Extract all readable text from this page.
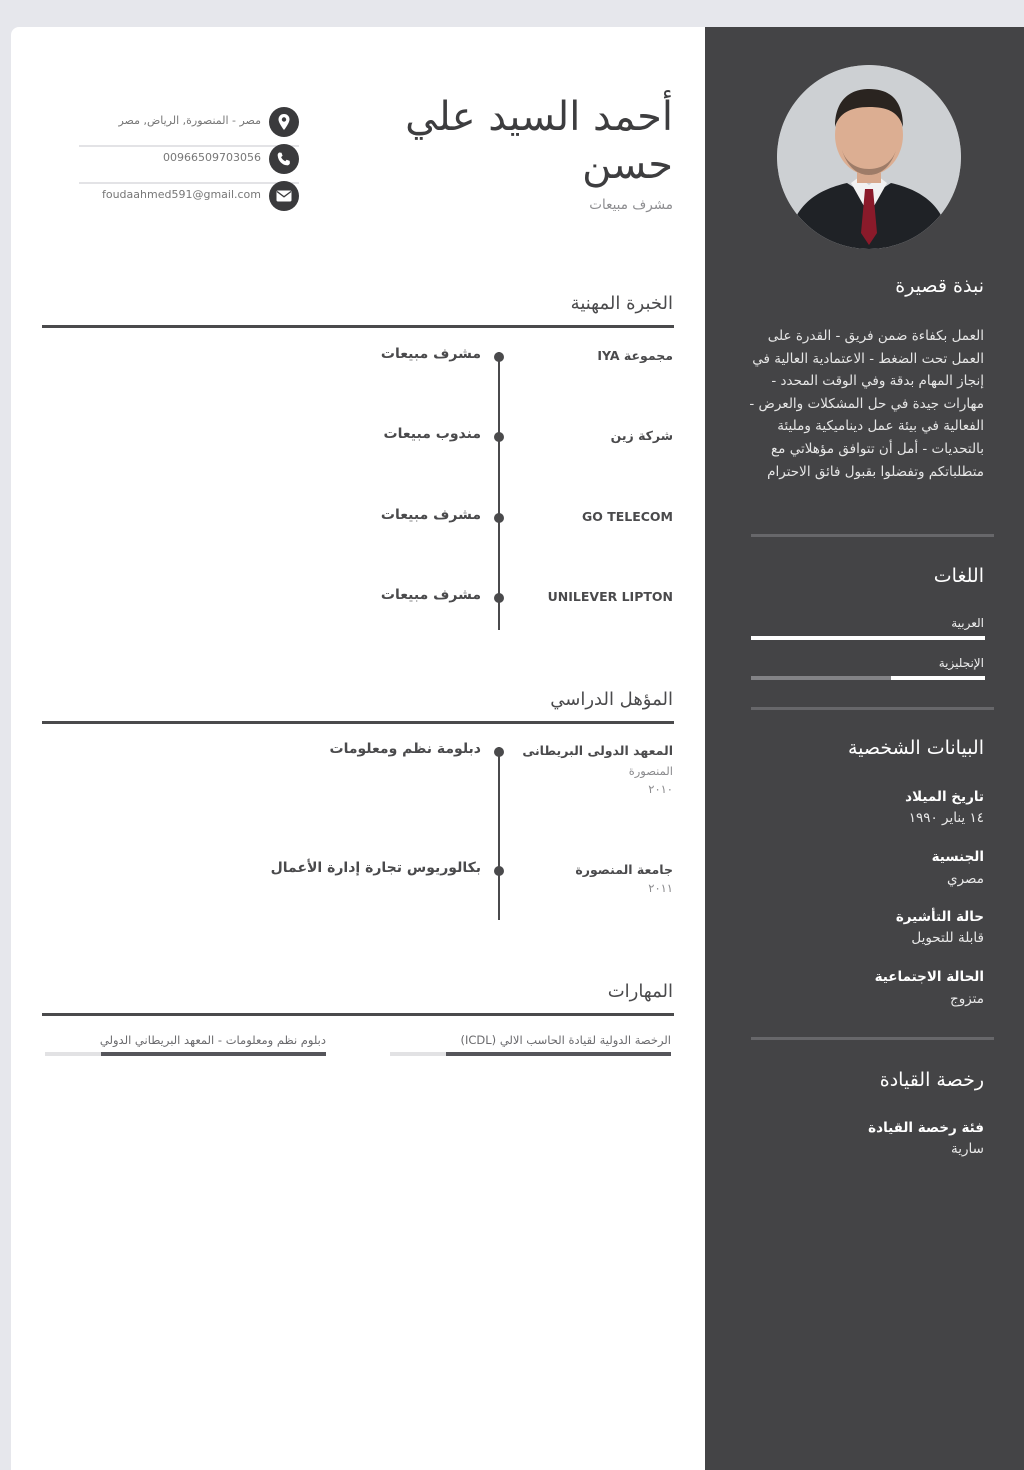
أحمد السيد علي حسن
مشرف مبيعات
مصر - المنصورة, الرياض, مصر
00966509703056
foudaahmed591@gmail.com
الخبرة المهنية
مجموعة IYA
مشرف مبيعات
شركة زين
مندوب مبيعات
GO TELECOM
مشرف مبيعات
UNILEVER LIPTON
مشرف مبيعات
المؤهل الدراسي
المعهد الدولى البريطانى
المنصورة
٢٠١٠
دبلومة نظم ومعلومات
جامعة المنصورة
٢٠١١
بكالوريوس تجارة إدارة الأعمال
المهارات
الرخصة الدولية لقيادة الحاسب الالي (ICDL)
دبلوم نظم ومعلومات - المعهد البريطاني الدولي
نبذة قصيرة
العمل بكفاءة ضمن فريق - القدرة على العمل تحت الضغط - الاعتمادية العالية في إنجاز المهام بدقة وفي الوقت المحدد - مهارات جيدة في حل المشكلات والعرض - الفعالية في بيئة عمل ديناميكية ومليئة بالتحديات - أمل أن تتوافق مؤهلاتي مع متطلباتكم وتفضلوا بقبول فائق الاحترام
اللغات
العربية
الإنجليزية
البيانات الشخصية
تاريخ الميلاد
١٤ يناير ١٩٩٠
الجنسية
مصري
حالة التأشيرة
قابلة للتحويل
الحالة الاجتماعية
متزوج
رخصة القيادة
فئة رخصة القيادة
سارية
